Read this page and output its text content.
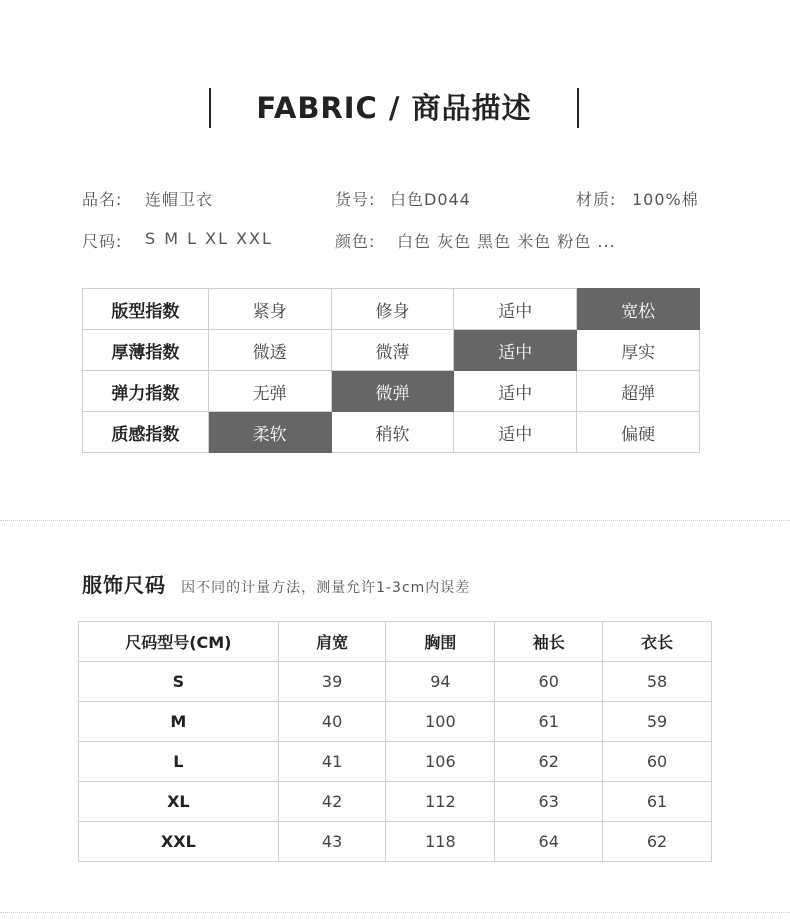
FABRIC / 商品描述
品名: 连帽卫衣	货号: 白色D044	材质: 100%棉
尺码: S M L XL XXL	颜色: 白色 灰色 黑色 米色 粉色 ...
版型指数	紧身	修身	适中	宽松
厚薄指数	微透	微薄	适中	厚实
弹力指数	无弹	微弹	适中	超弹
质感指数	柔软	稍软	适中	偏硬
服饰尺码 因不同的计量方法，测量允许1-3cm内误差
尺码型号(CM)	肩宽	胸围	袖长	衣长
S	39	94	60	58
M	40	100	61	59
L	41	106	62	60
XL	42	112	63	61
XXL	43	118	64	62
